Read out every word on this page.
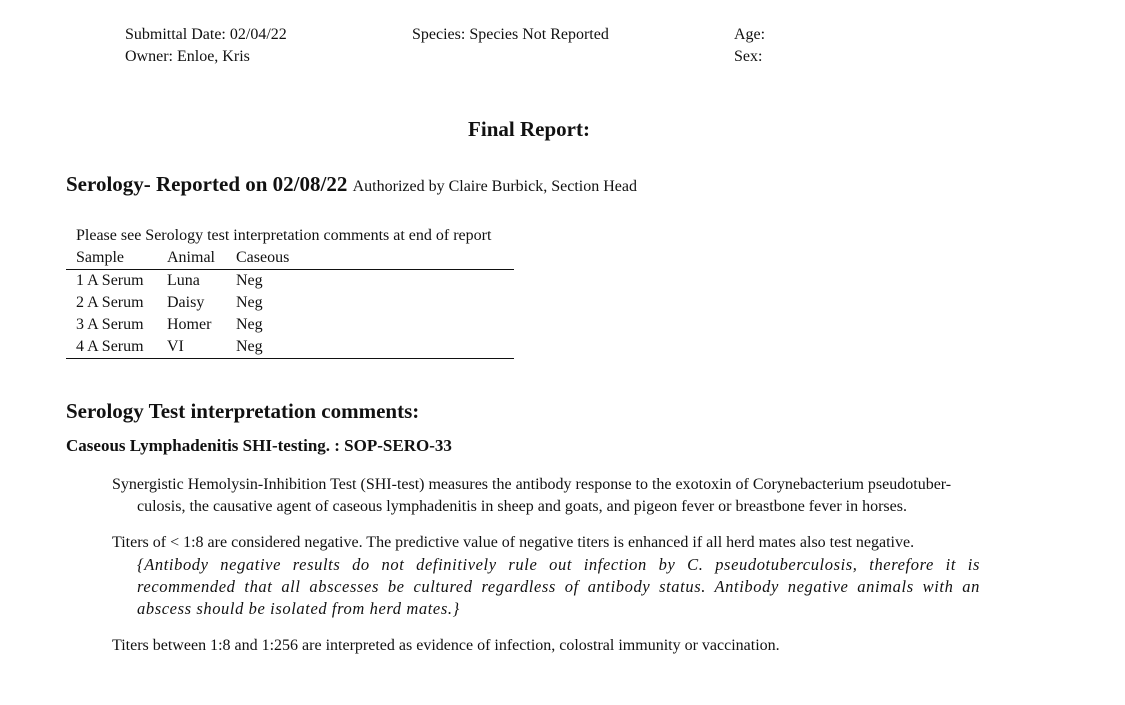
Submittal Date: 02/04/22
Owner: Enloe, Kris
Species: Species Not Reported	Age:
Sex:
Final Report:
Serology- Reported on 02/08/22 Authorized by Claire Burbick, Section Head
Please see Serology test interpretation comments at end of report
Sample	Animal	Caseous
1 A Serum	Luna	Neg
2 A Serum	Daisy	Neg
3 A Serum	Homer	Neg
4 A Serum	VI	Neg
Serology Test interpretation comments:
Caseous Lymphadenitis SHI-testing. : SOP-SERO-33
Synergistic Hemolysin-Inhibition Test (SHI-test) measures the antibody response to the exotoxin of Corynebacterium pseudotuber-
culosis, the causative agent of caseous lymphadenitis in sheep and goats, and pigeon fever or breastbone fever in horses.
Titers of < 1:8 are considered negative. The predictive value of negative titers is enhanced if all herd mates also test negative.
{Antibody negative results do not definitively rule out infection by C. pseudotuberculosis, therefore it is recommended that all abscesses be cultured regardless of antibody status. Antibody negative animals with an abscess should be isolated from herd mates.}
Titers between 1:8 and 1:256 are interpreted as evidence of infection, colostral immunity or vaccination.
